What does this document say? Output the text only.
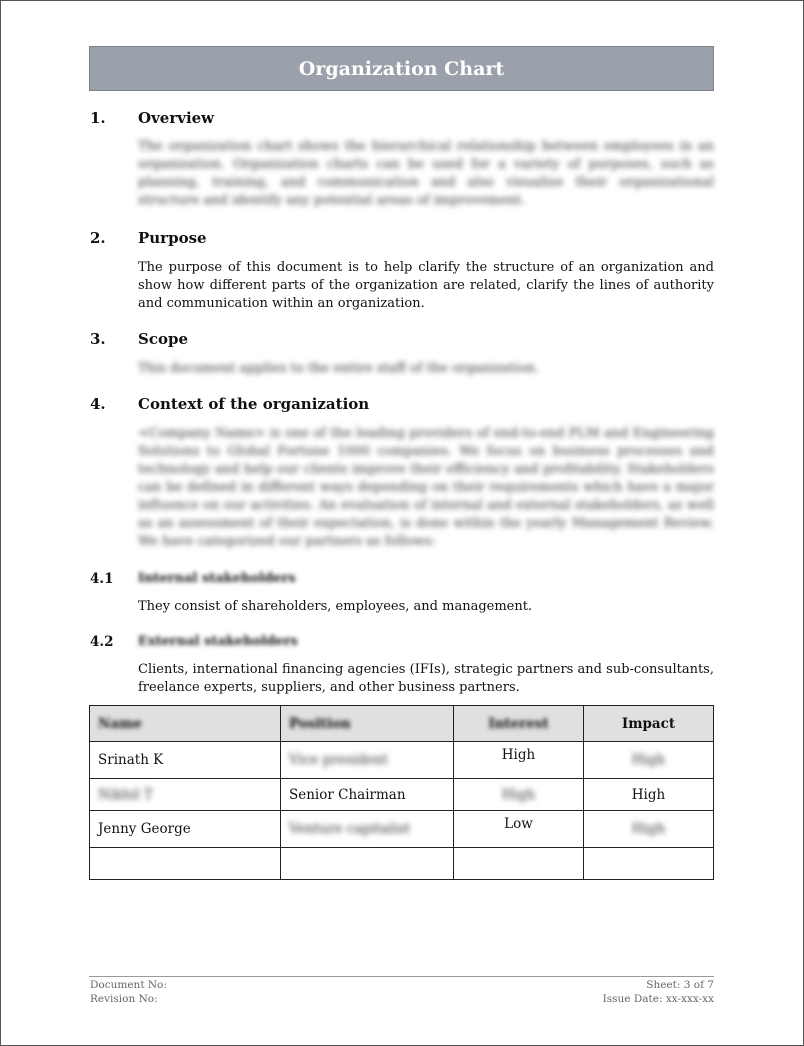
Organization Chart
1. Overview
The organization chart shows the hierarchical relationship between employees in an organization. Organization charts can be used for a variety of purposes, such as planning, training, and communication and also visualize their organizational structure and identify any potential areas of improvement.
2. Purpose
The purpose of this document is to help clarify the structure of an organization and show how different parts of the organization are related, clarify the lines of authority and communication within an organization.
3. Scope
This document applies to the entire staff of the organization.
4. Context of the organization
<Company Name> is one of the leading providers of end-to-end PLM and Engineering Solutions to Global Fortune 1000 companies. We focus on business processes and technology and help our clients improve their efficiency and profitability. Stakeholders can be defined in different ways depending on their requirements which have a major influence on our activities. An evaluation of internal and external stakeholders, as well as an assessment of their expectation, is done within the yearly Management Review. We have categorized our partners as follows:
4.1 Internal stakeholders
They consist of shareholders, employees, and management.
4.2 External stakeholders
Clients, international financing agencies (IFIs), strategic partners and sub-consultants, freelance experts, suppliers, and other business partners.
Name	Position	Interest	Impact
Srinath K	Vice president	High	High
Nikhil T	Senior Chairman	High	High
Jenny George	Venture capitalist	Low	High

Document No:
Revision No:
Sheet: 3 of 7
Issue Date: xx-xxx-xx
